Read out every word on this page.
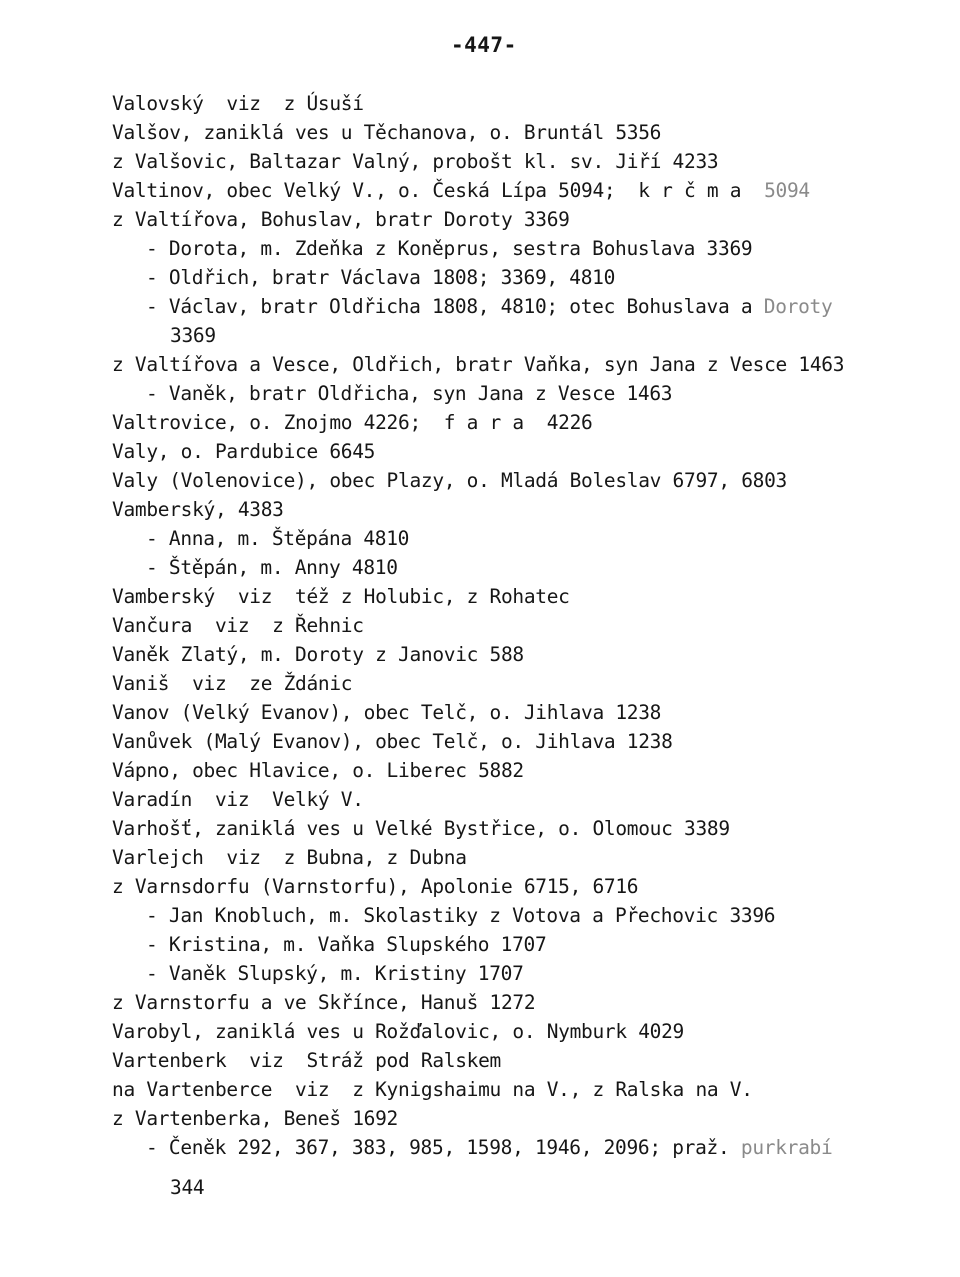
-447-
Valovský  viz  z Úsuší
Valšov, zaniklá ves u Těchanova, o. Bruntál 5356
z Valšovic, Baltazar Valný, probošt kl. sv. Jiří 4233
Valtinov, obec Velký V., o. Česká Lípa 5094;  k r č m a  5094
z Valtířova, Bohuslav, bratr Doroty 3369
- Dorota, m. Zdeňka z Koněprus, sestra Bohuslava 3369
- Oldřich, bratr Václava 1808; 3369, 4810
- Václav, bratr Oldřicha 1808, 4810; otec Bohuslava a Doroty
3369
z Valtířova a Vesce, Oldřich, bratr Vaňka, syn Jana z Vesce 1463
- Vaněk, bratr Oldřicha, syn Jana z Vesce 1463
Valtrovice, o. Znojmo 4226;  f a r a  4226
Valy, o. Pardubice 6645
Valy (Volenovice), obec Plazy, o. Mladá Boleslav 6797, 6803
Vamberský, 4383
- Anna, m. Štěpána 4810
- Štěpán, m. Anny 4810
Vamberský  viz  též z Holubic, z Rohatec
Vančura  viz  z Řehnic
Vaněk Zlatý, m. Doroty z Janovic 588
Vaniš  viz  ze Ždánic
Vanov (Velký Evanov), obec Telč, o. Jihlava 1238
Vanůvek (Malý Evanov), obec Telč, o. Jihlava 1238
Vápno, obec Hlavice, o. Liberec 5882
Varadín  viz  Velký V.
Varhošť, zaniklá ves u Velké Bystřice, o. Olomouc 3389
Varlejch  viz  z Bubna, z Dubna
z Varnsdorfu (Varnstorfu), Apolonie 6715, 6716
- Jan Knobluch, m. Skolastiky z Votova a Přechovic 3396
- Kristina, m. Vaňka Slupského 1707
- Vaněk Slupský, m. Kristiny 1707
z Varnstorfu a ve Skřínce, Hanuš 1272
Varobyl, zaniklá ves u Rožďalovic, o. Nymburk 4029
Vartenberk  viz  Stráž pod Ralskem
na Vartenberce  viz  z Kynigshaimu na V., z Ralska na V.
z Vartenberka, Beneš 1692
- Čeněk 292, 367, 383, 985, 1598, 1946, 2096; praž. purkrabí
344
